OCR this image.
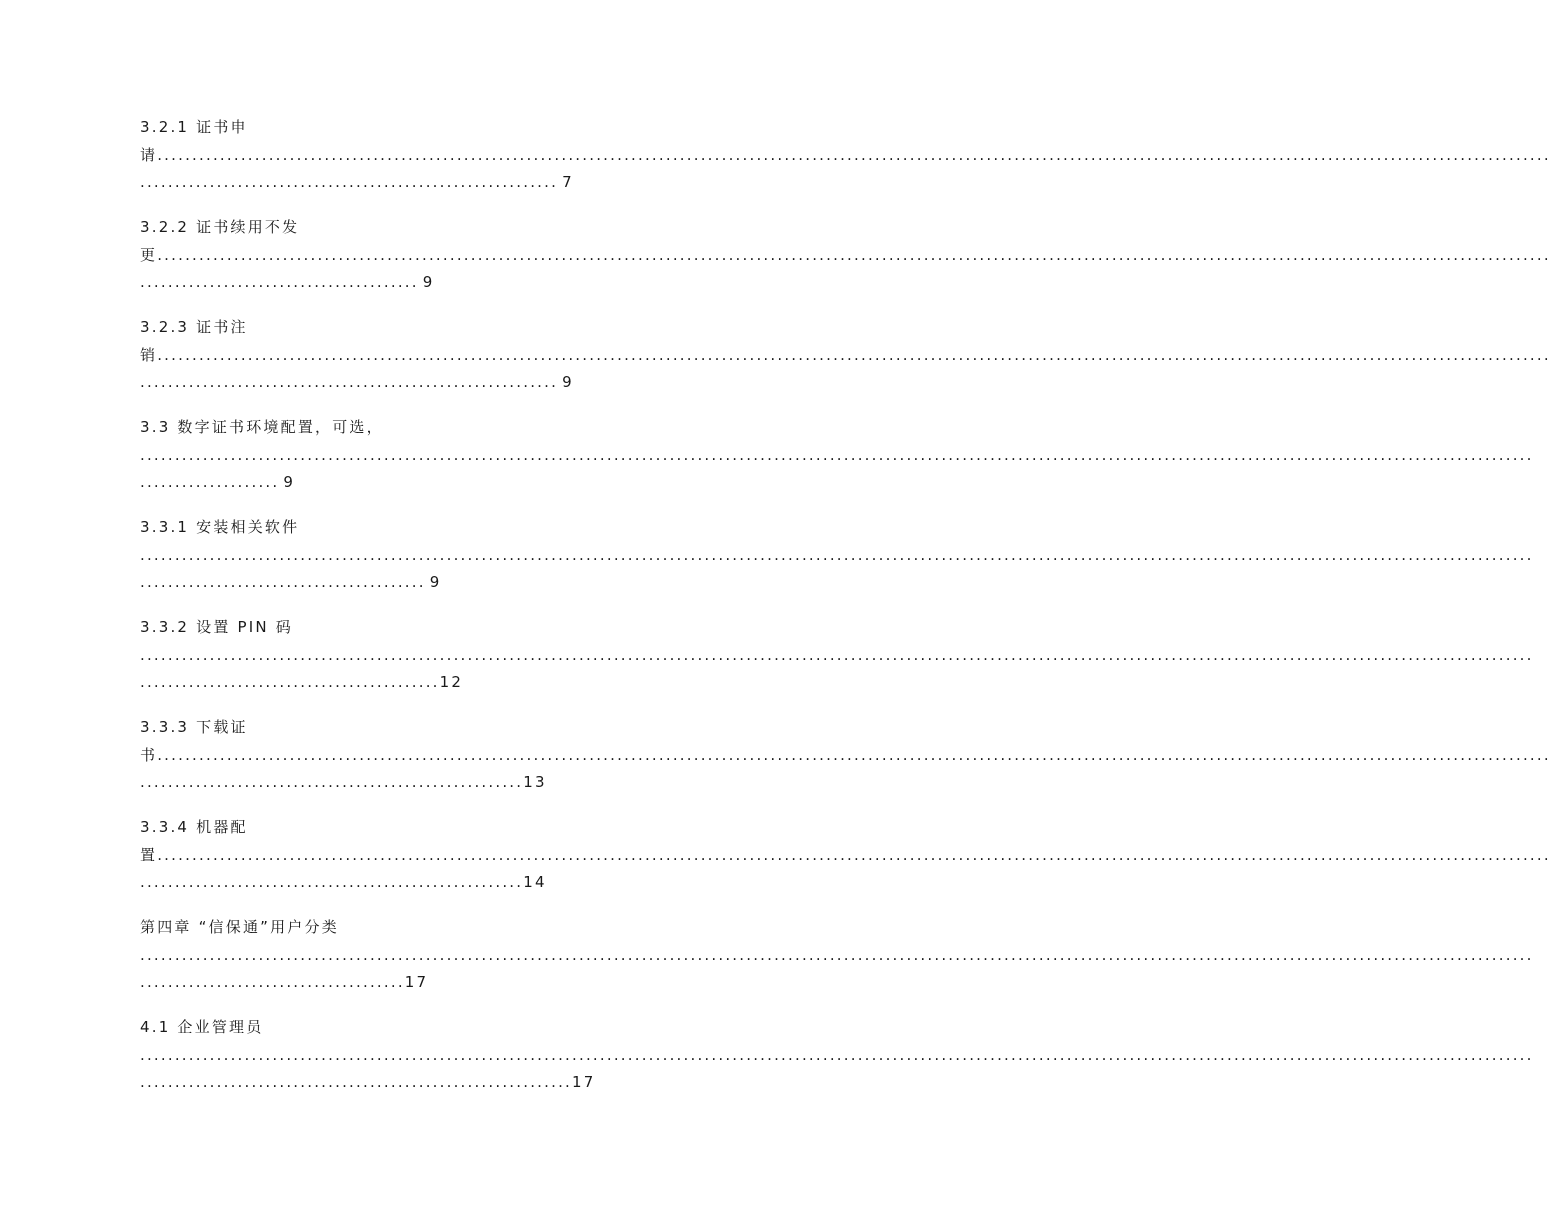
3.2.1 证书申
请 ........................................................................................................................................................................................................
............................................................ 7
3.2.2 证书续用不发
更 ........................................................................................................................................................................................................
........................................ 9
3.2.3 证书注
销 ........................................................................................................................................................................................................
............................................................ 9
3.3 数字证书环境配置，可选，
........................................................................................................................................................................................................
.................... 9
3.3.1 安装相关软件
........................................................................................................................................................................................................
......................................... 9
3.3.2 设置 PIN 码
........................................................................................................................................................................................................
........................................... 12
3.3.3 下载证
书 ........................................................................................................................................................................................................
....................................................... 13
3.3.4 机器配
置 ........................................................................................................................................................................................................
....................................................... 14
第四章 “信保通”用户分类
........................................................................................................................................................................................................
...................................... 17
4.1 企业管理员
........................................................................................................................................................................................................
.............................................................. 17
